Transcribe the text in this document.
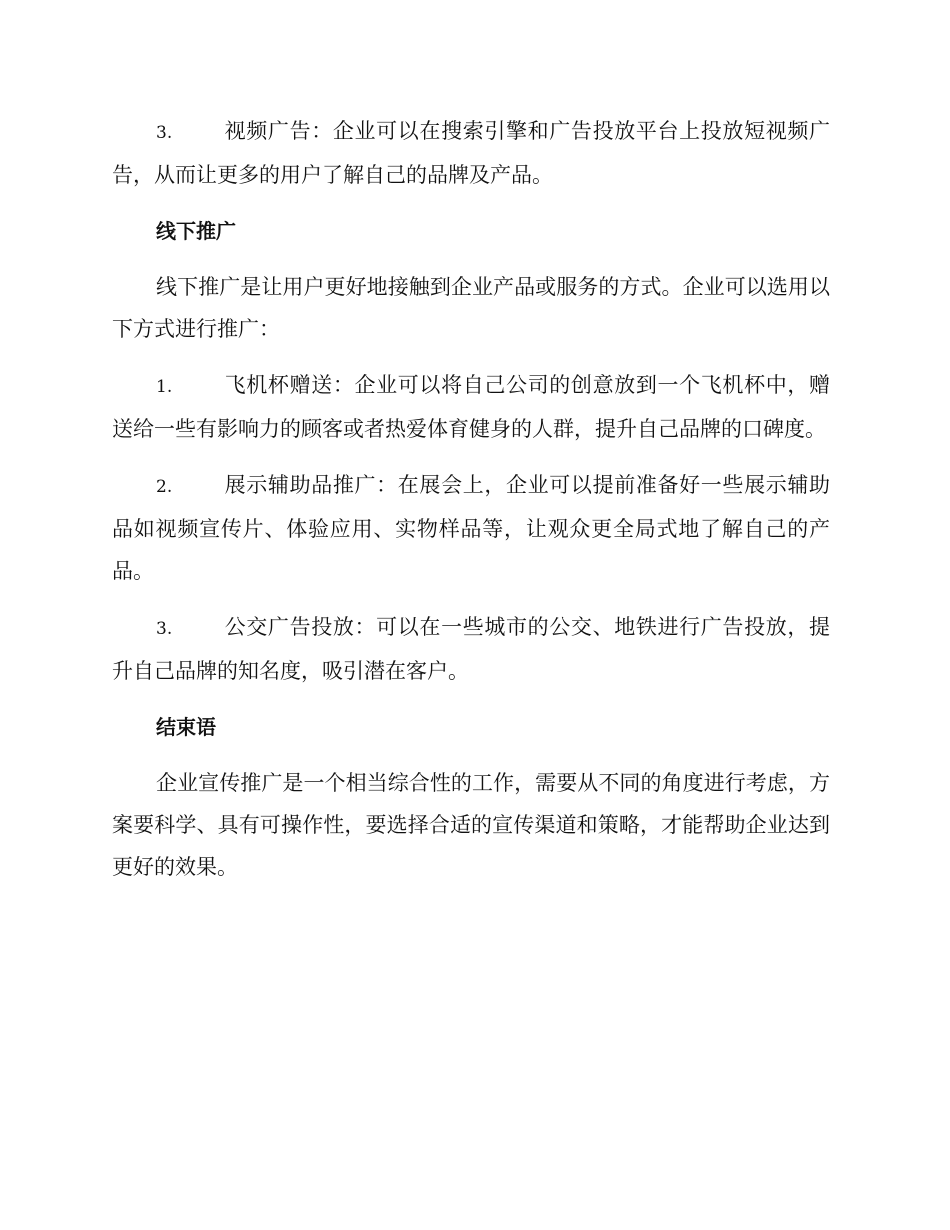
3. 视频广告：企业可以在搜索引擎和广告投放平台上投放短视频广告，从而让更多的用户了解自己的品牌及产品。

线下推广

线下推广是让用户更好地接触到企业产品或服务的方式。企业可以选用以下方式进行推广：

1. 飞机杯赠送：企业可以将自己公司的创意放到一个飞机杯中，赠送给一些有影响力的顾客或者热爱体育健身的人群，提升自己品牌的口碑度。

2. 展示辅助品推广：在展会上，企业可以提前准备好一些展示辅助品如视频宣传片、体验应用、实物样品等，让观众更全局式地了解自己的产品。

3. 公交广告投放：可以在一些城市的公交、地铁进行广告投放，提升自己品牌的知名度，吸引潜在客户。

结束语

企业宣传推广是一个相当综合性的工作，需要从不同的角度进行考虑，方案要科学、具有可操作性，要选择合适的宣传渠道和策略，才能帮助企业达到更好的效果。
